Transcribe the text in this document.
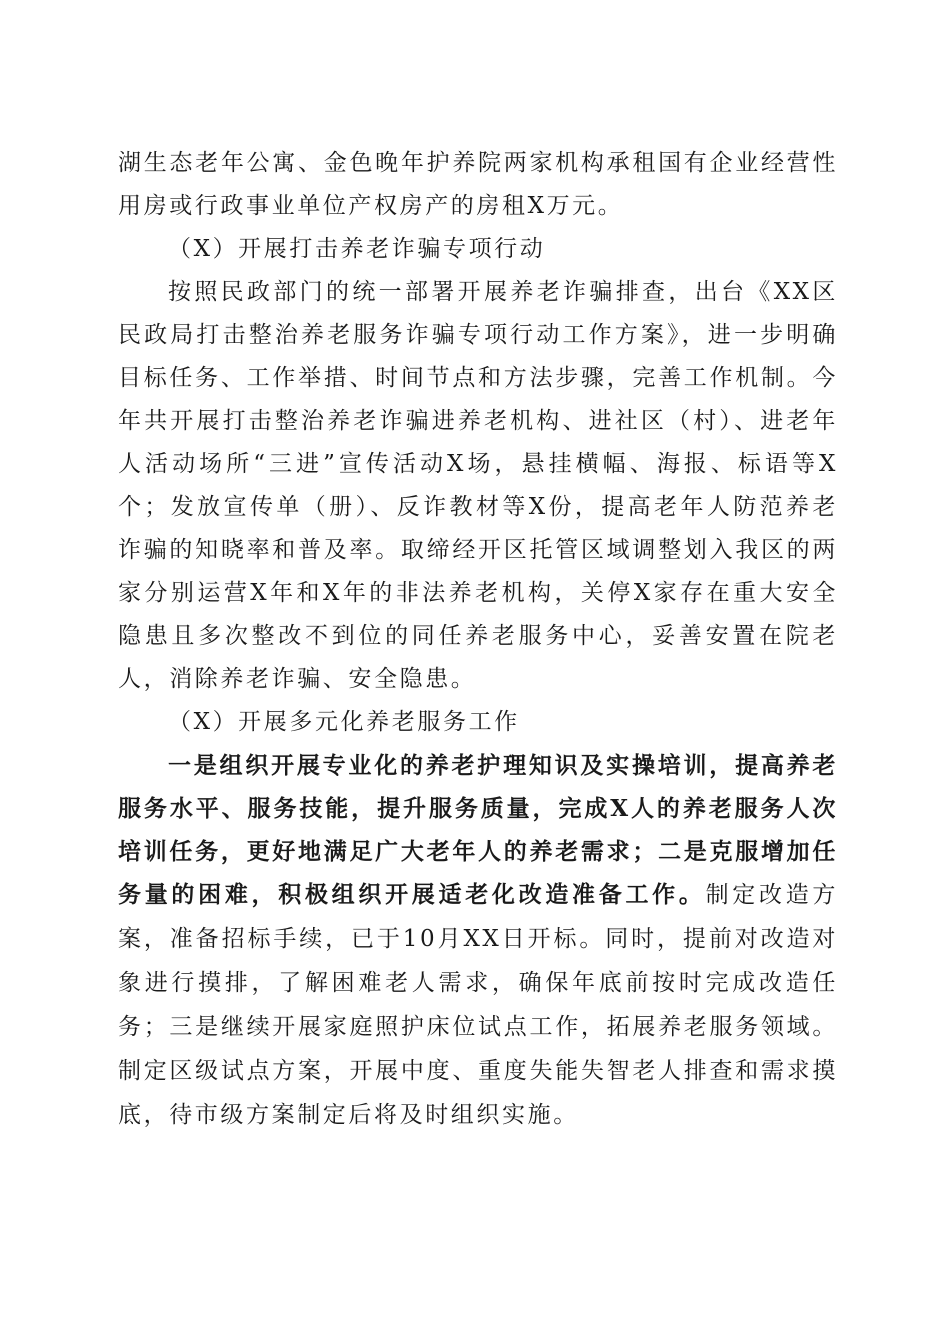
湖生态老年公寓、金色晚年护养院两家机构承租国有企业经营性用房或行政事业单位产权房产的房租X万元。

（X）开展打击养老诈骗专项行动

按照民政部门的统一部署开展养老诈骗排查，出台《XX区民政局打击整治养老服务诈骗专项行动工作方案》，进一步明确目标任务、工作举措、时间节点和方法步骤，完善工作机制。今年共开展打击整治养老诈骗进养老机构、进社区（村）、进老年人活动场所“三进”宣传活动X场，悬挂横幅、海报、标语等X个；发放宣传单（册）、反诈教材等X份，提高老年人防范养老诈骗的知晓率和普及率。取缔经开区托管区域调整划入我区的两家分别运营X年和X年的非法养老机构，关停X家存在重大安全隐患且多次整改不到位的同任养老服务中心，妥善安置在院老人，消除养老诈骗、安全隐患。

（X）开展多元化养老服务工作

一是组织开展专业化的养老护理知识及实操培训，提高养老服务水平、服务技能，提升服务质量，完成X人的养老服务人次培训任务，更好地满足广大老年人的养老需求；二是克服增加任务量的困难，积极组织开展适老化改造准备工作。制定改造方案，准备招标手续，已于10月XX日开标。同时，提前对改造对象进行摸排，了解困难老人需求，确保年底前按时完成改造任务；三是继续开展家庭照护床位试点工作，拓展养老服务领域。制定区级试点方案，开展中度、重度失能失智老人排查和需求摸底，待市级方案制定后将及时组织实施。
